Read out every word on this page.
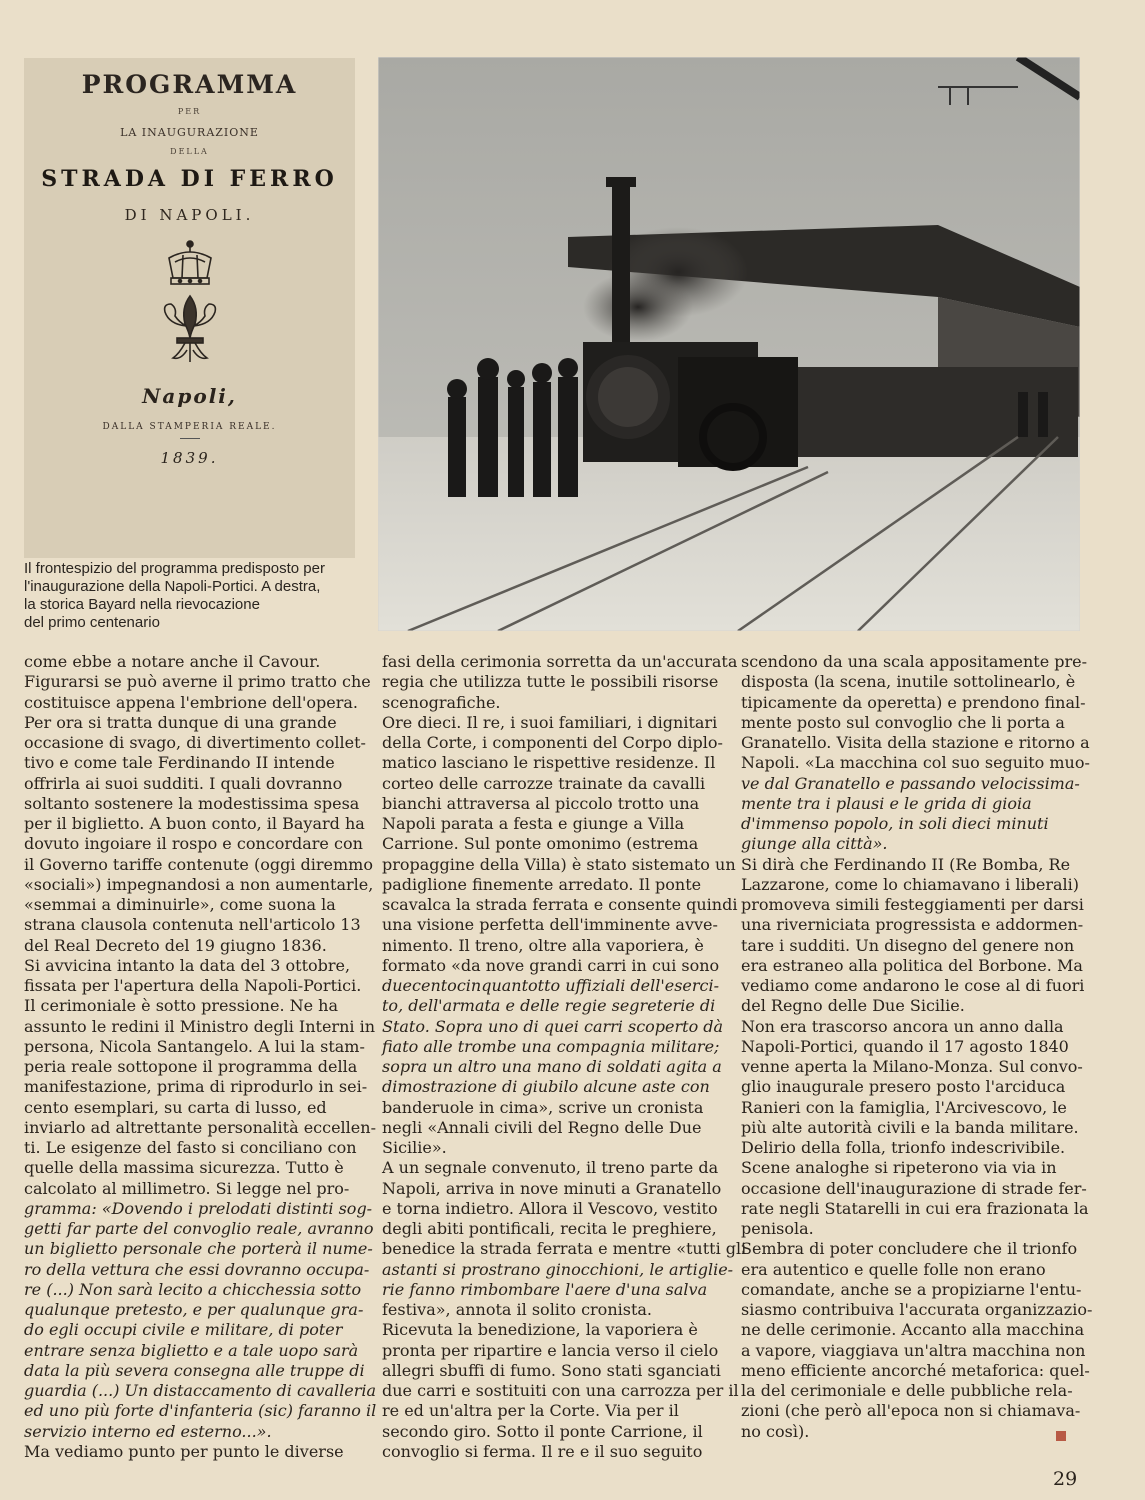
PROGRAMMA
PER
LA INAUGURAZIONE
DELLA
STRADA DI FERRO
DI NAPOLI.
Napoli,
DALLA STAMPERIA REALE.
1839.
Il frontespizio del programma predisposto per
l'inaugurazione della Napoli-Portici. A destra,
la storica Bayard nella rievocazione
del primo centenario
come ebbe a notare anche il Cavour.
Figurarsi se può averne il primo tratto che
costituisce appena l'embrione dell'opera.
Per ora si tratta dunque di una grande
occasione di svago, di divertimento collet-
tivo e come tale Ferdinando II intende
offrirla ai suoi sudditi. I quali dovranno
soltanto sostenere la modestissima spesa
per il biglietto. A buon conto, il Bayard ha
dovuto ingoiare il rospo e concordare con
il Governo tariffe contenute (oggi diremmo
«sociali») impegnandosi a non aumentarle,
«semmai a diminuirle», come suona la
strana clausola contenuta nell'articolo 13
del Real Decreto del 19 giugno 1836.
Si avvicina intanto la data del 3 ottobre,
fissata per l'apertura della Napoli-Portici.
Il cerimoniale è sotto pressione. Ne ha
assunto le redini il Ministro degli Interni in
persona, Nicola Santangelo. A lui la stam-
peria reale sottopone il programma della
manifestazione, prima di riprodurlo in sei-
cento esemplari, su carta di lusso, ed
inviarlo ad altrettante personalità eccellen-
ti. Le esigenze del fasto si conciliano con
quelle della massima sicurezza. Tutto è
calcolato al millimetro. Si legge nel pro-
gramma: «Dovendo i prelodati distinti sog-
getti far parte del convoglio reale, avranno
un biglietto personale che porterà il nume-
ro della vettura che essi dovranno occupa-
re (...) Non sarà lecito a chicchessia sotto
qualunque pretesto, e per qualunque gra-
do egli occupi civile e militare, di poter
entrare senza biglietto e a tale uopo sarà
data la più severa consegna alle truppe di
guardia (...) Un distaccamento di cavalleria
ed uno più forte d'infanteria (sic) faranno il
servizio interno ed esterno...».
Ma vediamo punto per punto le diverse
fasi della cerimonia sorretta da un'accurata
regia che utilizza tutte le possibili risorse
scenografiche.
Ore dieci. Il re, i suoi familiari, i dignitari
della Corte, i componenti del Corpo diplo-
matico lasciano le rispettive residenze. Il
corteo delle carrozze trainate da cavalli
bianchi attraversa al piccolo trotto una
Napoli parata a festa e giunge a Villa
Carrione. Sul ponte omonimo (estrema
propaggine della Villa) è stato sistemato un
padiglione finemente arredato. Il ponte
scavalca la strada ferrata e consente quindi
una visione perfetta dell'imminente avve-
nimento. Il treno, oltre alla vaporiera, è
formato «da nove grandi carri in cui sono
duecentocinquantotto uffiziali dell'eserci-
to, dell'armata e delle regie segreterie di
Stato. Sopra uno di quei carri scoperto dà
fiato alle trombe una compagnia militare;
sopra un altro una mano di soldati agita a
dimostrazione di giubilo alcune aste con
banderuole in cima», scrive un cronista
negli «Annali civili del Regno delle Due
Sicilie».
A un segnale convenuto, il treno parte da
Napoli, arriva in nove minuti a Granatello
e torna indietro. Allora il Vescovo, vestito
degli abiti pontificali, recita le preghiere,
benedice la strada ferrata e mentre «tutti gli
astanti si prostrano ginocchioni, le artiglie-
rie fanno rimbombare l'aere d'una salva
festiva», annota il solito cronista.
Ricevuta la benedizione, la vaporiera è
pronta per ripartire e lancia verso il cielo
allegri sbuffi di fumo. Sono stati sganciati
due carri e sostituiti con una carrozza per il
re ed un'altra per la Corte. Via per il
secondo giro. Sotto il ponte Carrione, il
convoglio si ferma. Il re e il suo seguito
scendono da una scala appositamente pre-
disposta (la scena, inutile sottolinearlo, è
tipicamente da operetta) e prendono final-
mente posto sul convoglio che li porta a
Granatello. Visita della stazione e ritorno a
Napoli. «La macchina col suo seguito muo-
ve dal Granatello e passando velocissima-
mente tra i plausi e le grida di gioia
d'immenso popolo, in soli dieci minuti
giunge alla città».
Si dirà che Ferdinando II (Re Bomba, Re
Lazzarone, come lo chiamavano i liberali)
promoveva simili festeggiamenti per darsi
una riverniciata progressista e addormen-
tare i sudditi. Un disegno del genere non
era estraneo alla politica del Borbone. Ma
vediamo come andarono le cose al di fuori
del Regno delle Due Sicilie.
Non era trascorso ancora un anno dalla
Napoli-Portici, quando il 17 agosto 1840
venne aperta la Milano-Monza. Sul convo-
glio inaugurale presero posto l'arciduca
Ranieri con la famiglia, l'Arcivescovo, le
più alte autorità civili e la banda militare.
Delirio della folla, trionfo indescrivibile.
Scene analoghe si ripeterono via via in
occasione dell'inaugurazione di strade fer-
rate negli Statarelli in cui era frazionata la
penisola.
Sembra di poter concludere che il trionfo
era autentico e quelle folle non erano
comandate, anche se a propiziarne l'entu-
siasmo contribuiva l'accurata organizzazio-
ne delle cerimonie. Accanto alla macchina
a vapore, viaggiava un'altra macchina non
meno efficiente ancorché metaforica: quel-
la del cerimoniale e delle pubbliche rela-
zioni (che però all'epoca non si chiamava-
no così).
29
